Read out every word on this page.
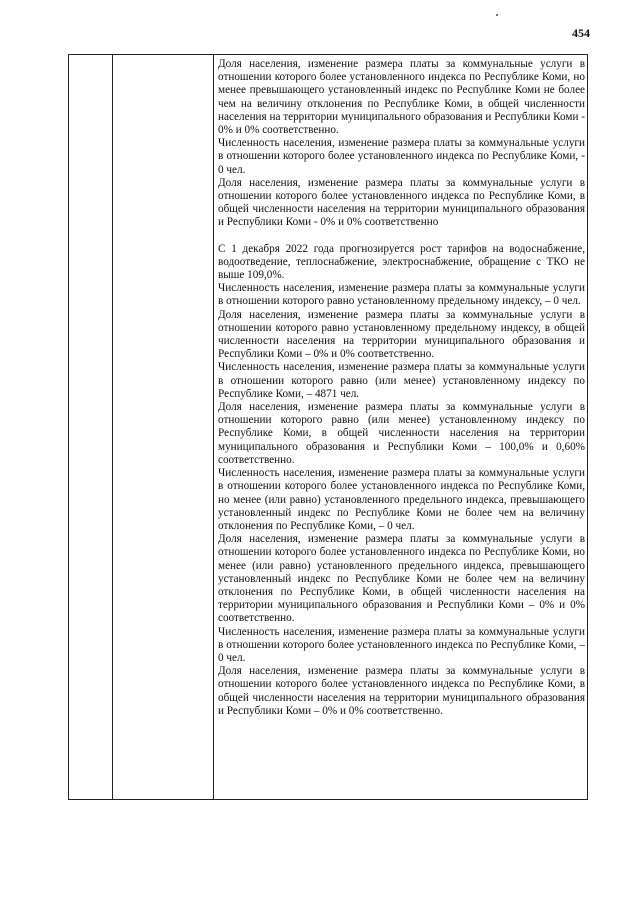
454

Доля населения, изменение размера платы за коммунальные услуги в отношении которого более установленного индекса по Республике Коми, но менее превышающего установленный индекс по Республике Коми не более чем на величину отклонения по Республике Коми, в общей численности населения на территории муниципального образования и Республики Коми - 0% и 0% соответственно.

Численность населения, изменение размера платы за коммунальные услуги в отношении которого более установленного индекса по Республике Коми, - 0 чел.

Доля населения, изменение размера платы за коммунальные услуги в отношении которого более установленного индекса по Республике Коми, в общей численности населения на территории муниципального образования и Республики Коми - 0% и 0% соответственно

С 1 декабря 2022 года прогнозируется рост тарифов на водоснабжение, водоотведение, теплоснабжение, электроснабжение, обращение с ТКО не выше 109,0%.

Численность населения, изменение размера платы за коммунальные услуги в отношении которого равно установленному предельному индексу, – 0 чел.

Доля населения, изменение размера платы за коммунальные услуги в отношении которого равно установленному предельному индексу, в общей численности населения на территории муниципального образования и Республики Коми – 0% и 0% соответственно.

Численность населения, изменение размера платы за коммунальные услуги в отношении которого равно (или менее) установленному индексу по Республике Коми, – 4871 чел.

Доля населения, изменение размера платы за коммунальные услуги в отношении которого равно (или менее) установленному индексу по Республике Коми, в общей численности населения на территории муниципального образования и Республики Коми – 100,0% и 0,60% соответственно.

Численность населения, изменение размера платы за коммунальные услуги в отношении которого более установленного индекса по Республике Коми, но менее (или равно) установленного предельного индекса, превышающего установленный индекс по Республике Коми не более чем на величину отклонения по Республике Коми, – 0 чел.

Доля населения, изменение размера платы за коммунальные услуги в отношении которого более установленного индекса по Республике Коми, но менее (или равно) установленного предельного индекса, превышающего установленный индекс по Республике Коми не более чем на величину отклонения по Республике Коми, в общей численности населения на территории муниципального образования и Республики Коми – 0% и 0% соответственно.

Численность населения, изменение размера платы за коммунальные услуги в отношении которого более установленного индекса по Республике Коми, – 0 чел.

Доля населения, изменение размера платы за коммунальные услуги в отношении которого более установленного индекса по Республике Коми, в общей численности населения на территории муниципального образования и Республики Коми – 0% и 0% соответственно.
